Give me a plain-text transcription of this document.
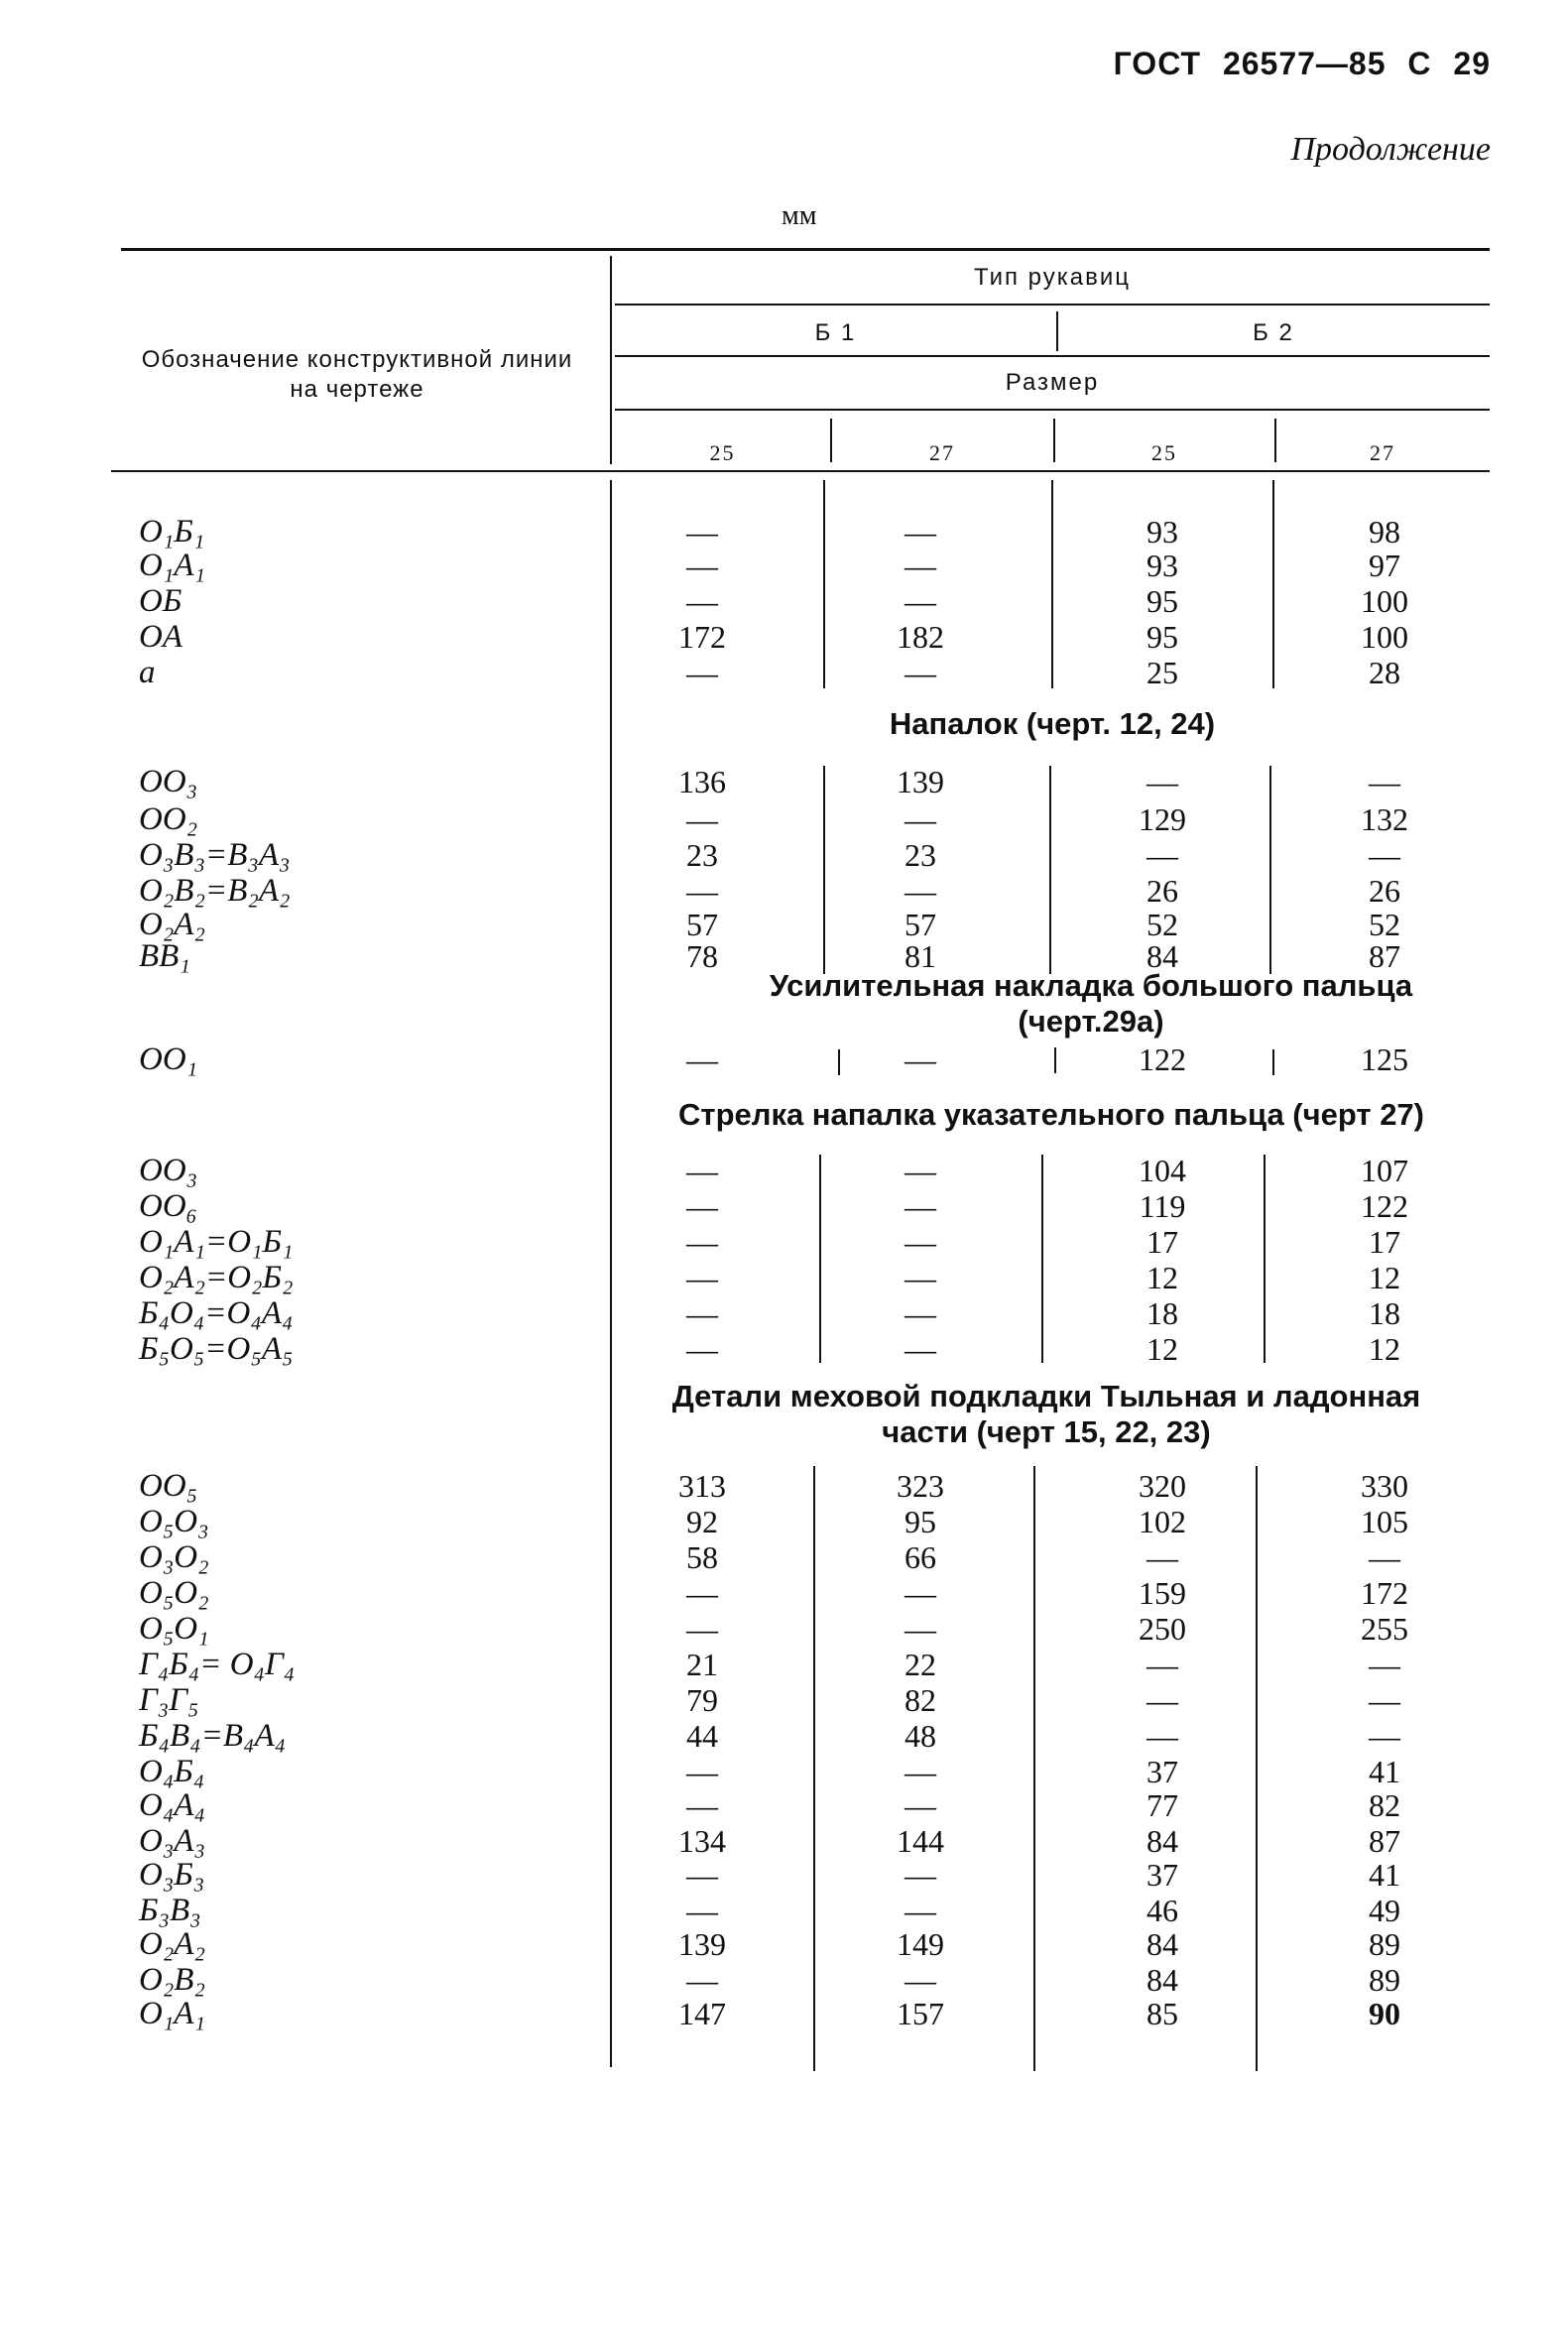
ГОСТ 26577—85 С 29
Продолжение
мм
Обозначение конструктивной линии на чертеже
Тип рукавиц
Б 1	Б 2
Размер
25	27	25	27
O₁Б₁	—	—	93	98
O₁A₁	—	—	93	97
OБ	—	—	95	100
OA	172	182	95	100
a	—	—	25	28
Напалок (черт. 12, 24)
OO₃	136	139	—	—
OO₂	—	—	129	132
O₃B₃=B₃A₃	23	23	—	—
O₂B₂=B₂A₂	—	—	26	26
O₂A₂	57	57	52	52
BB₁	78	81	84	87
Усилительная накладка большого пальца (черт.29а)
OO₁	—	—	122	125
Стрелка напалка указательного пальца (черт 27)
OO₃	—	—	104	107
OO₆	—	—	119	122
O₁A₁=O₁Б₁	—	—	17	17
O₂A₂=O₂Б₂	—	—	12	12
Б₄O₄=O₄A₄	—	—	18	18
Б₅O₅=O₅A₅	—	—	12	12
Детали меховой подкладки Тыльная и ладонная части (черт 15, 22, 23)
OO₅	313	323	320	330
O₅O₃	92	95	102	105
O₃O₂	58	66	—	—
O₅O₂	—	—	159	172
O₅O₁	—	—	250	255
Г₄Б₄= O₄Г₄	21	22	—	—
Г₃Г₅	79	82	—	—
Б₄B₄=B₄A₄	44	48	—	—
O₄Б₄	—	—	37	41
O₄A₄	—	—	77	82
O₃A₃	134	144	84	87
O₃Б₃	—	—	37	41
Б₃B₃	—	—	46	49
O₂A₂	139	149	84	89
O₂B₂	—	—	84	89
O₁A₁	147	157	85	90
